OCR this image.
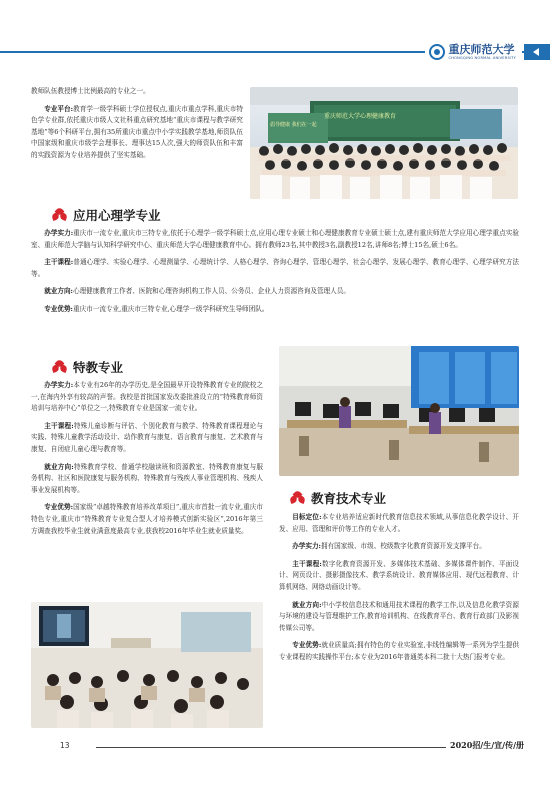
重庆师范大学
CHONGQING NORMAL UNIVERSITY

教师队伍教授博士比例最高的专业之一。

专业平台:教育学一级学科硕士学位授权点,重庆市重点学科,重庆市特色学专业群,依托重庆市级人文社科重点研究基地“重庆市课程与教学研究基地”等6个科研平台,拥有35所重庆市重点中小学实践教学基地,师资队伍中国家级和重庆市级学会理事长、理事达15人次,强大的师资队伍和丰富的实践资源为专业培养提供了坚实基础。

倡导健康 我们在一起
重庆师范大学心理健康教育
应用心理学专业

办学实力:重庆市一流专业,重庆市三特专业,依托于心理学一级学科硕士点,应用心理专业硕士和心理健康教育专业硕士硕士点,建有重庆师范大学应用心理学重点实验室、重庆师范大学脑与认知科学研究中心、重庆师范大学心理健康教育中心。拥有教师23名,其中教授3名,副教授12名,讲师8名;博士15名,硕士6名。

主干课程:普通心理学、实验心理学、心理测量学、心理统计学、人格心理学、咨询心理学、管理心理学、社会心理学、发展心理学、教育心理学、心理学研究方法等。

就业方向:心理健康教育工作者、医院和心理咨询机构工作人员、公务员、企业人力资源咨询及管理人员。

专业优势:重庆市一流专业,重庆市三特专业,心理学一级学科研究生导师团队。

特教专业

办学实力:本专业有26年的办学历史,是全国最早开设特殊教育专业的院校之一,在海内外享有较高的声誉。我校是首批国家发改委批准设立的“特殊教育师资培训与培养中心”单位之一,特殊教育专业是国家一流专业。

主干课程:特殊儿童诊断与评估、个别化教育与教学、特殊教育课程理论与实践、特殊儿童教学活动设计、动作教育与康复、语言教育与康复、艺术教育与康复、自闭症儿童心理与教育等。

就业方向:特殊教育学校、普通学校融读班和资源教室、特殊教育康复与服务机构、社区和医院康复与服务机构、特殊教育与残疾人事业管理机构、残疾人事业发展机构等。

专业优势:国家级“卓越特殊教育培养改革项目”,重庆市首批一流专业,重庆市特色专业,重庆市“特殊教育专业复合型人才培养模式创新实验区”,2016年第三方调查我校毕业生就业满意度最高专业,获我校2016年毕业生就业质量奖。

教育技术专业

目标定位:本专业培养适应新时代教育信息技术领域,从事信息化教学设计、开发、应用、管理和评价等工作的专业人才。

办学实力:拥有国家级、市级、校级数字化教育资源开发支撑平台。

主干课程:数字化教育资源开发、多媒体技术基础、多媒体课件制作、平面设计、网页设计、摄影摄像技术、教学系统设计、教育媒体应用、现代远程教育、计算机网络、网络动画设计等。

就业方向:中小学校信息技术和通用技术课程的教学工作,以及信息化教学资源与环境的建设与管理维护工作,教育培训机构、在线教育平台、教育行政部门及影视传媒公司等。

专业优势:就业质量高;拥有特色的专业实验室,非线性编辑等一系列为学生提供专业课程的实践操作平台;本专业为2016年普通类本科二批十大热门报考专业。

13	2020招/生/宣/传/册
